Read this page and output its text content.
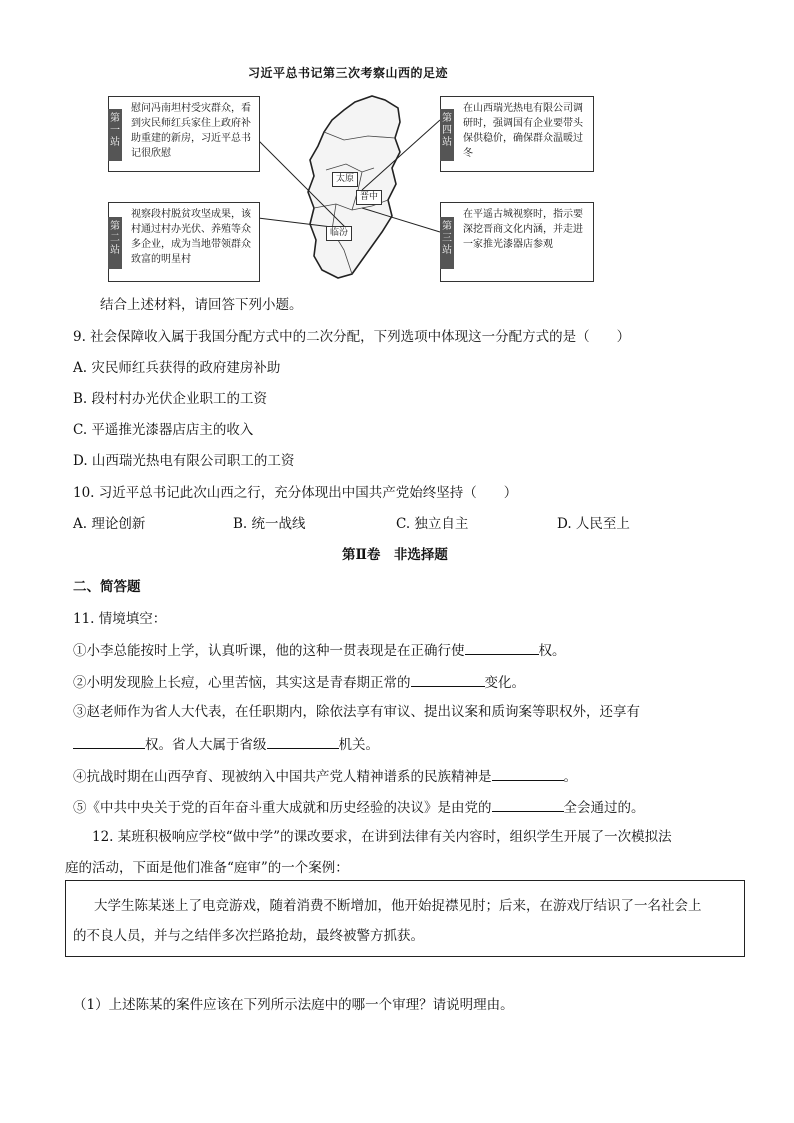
习近平总书记第三次考察山西的足迹
太原
晋中
临汾
第一站
慰问冯南坦村受灾群众，看到灾民师红兵家住上政府补助重建的新房，习近平总书记很欣慰
第二站
视察段村脱贫攻坚成果，该村通过村办光伏、养殖等众多企业，成为当地带领群众致富的明星村
第四站
在山西瑞光热电有限公司调研时，强调国有企业要带头保供稳价，确保群众温暖过冬
第三站
在平遥古城视察时，指示要深挖晋商文化内涵，并走进一家推光漆器店参观
结合上述材料，请回答下列小题。
9. 社会保障收入属于我国分配方式中的二次分配，下列选项中体现这一分配方式的是（　　）
A. 灾民师红兵获得的政府建房补助
B. 段村村办光伏企业职工的工资
C. 平遥推光漆器店店主的收入
D. 山西瑞光热电有限公司职工的工资
10. 习近平总书记此次山西之行，充分体现出中国共产党始终坚持（　　）
A. 理论创新	B. 统一战线	C. 独立自主	D. 人民至上
第Ⅱ卷　非选择题
二、简答题
11. 情境填空：
①小李总能按时上学，认真听课，他的这种一贯表现是在正确行使	权。
②小明发现脸上长痘，心里苦恼，其实这是青春期正常的	变化。
③赵老师作为省人大代表，在任职期内，除依法享有审议、提出议案和质询案等职权外，还享有
权。省人大属于省级	机关。
④抗战时期在山西孕育、现被纳入中国共产党人精神谱系的民族精神是	。
⑤《中共中央关于党的百年奋斗重大成就和历史经验的决议》是由党的	全会通过的。
12. 某班积极响应学校“做中学”的课改要求，在讲到法律有关内容时，组织学生开展了一次模拟法
庭的活动，下面是他们准备“庭审”的一个案例：
大学生陈某迷上了电竞游戏，随着消费不断增加，他开始捉襟见肘；后来，在游戏厅结识了一名社会上
的不良人员，并与之结伴多次拦路抢劫，最终被警方抓获。
（1）上述陈某的案件应该在下列所示法庭中的哪一个审理？请说明理由。
